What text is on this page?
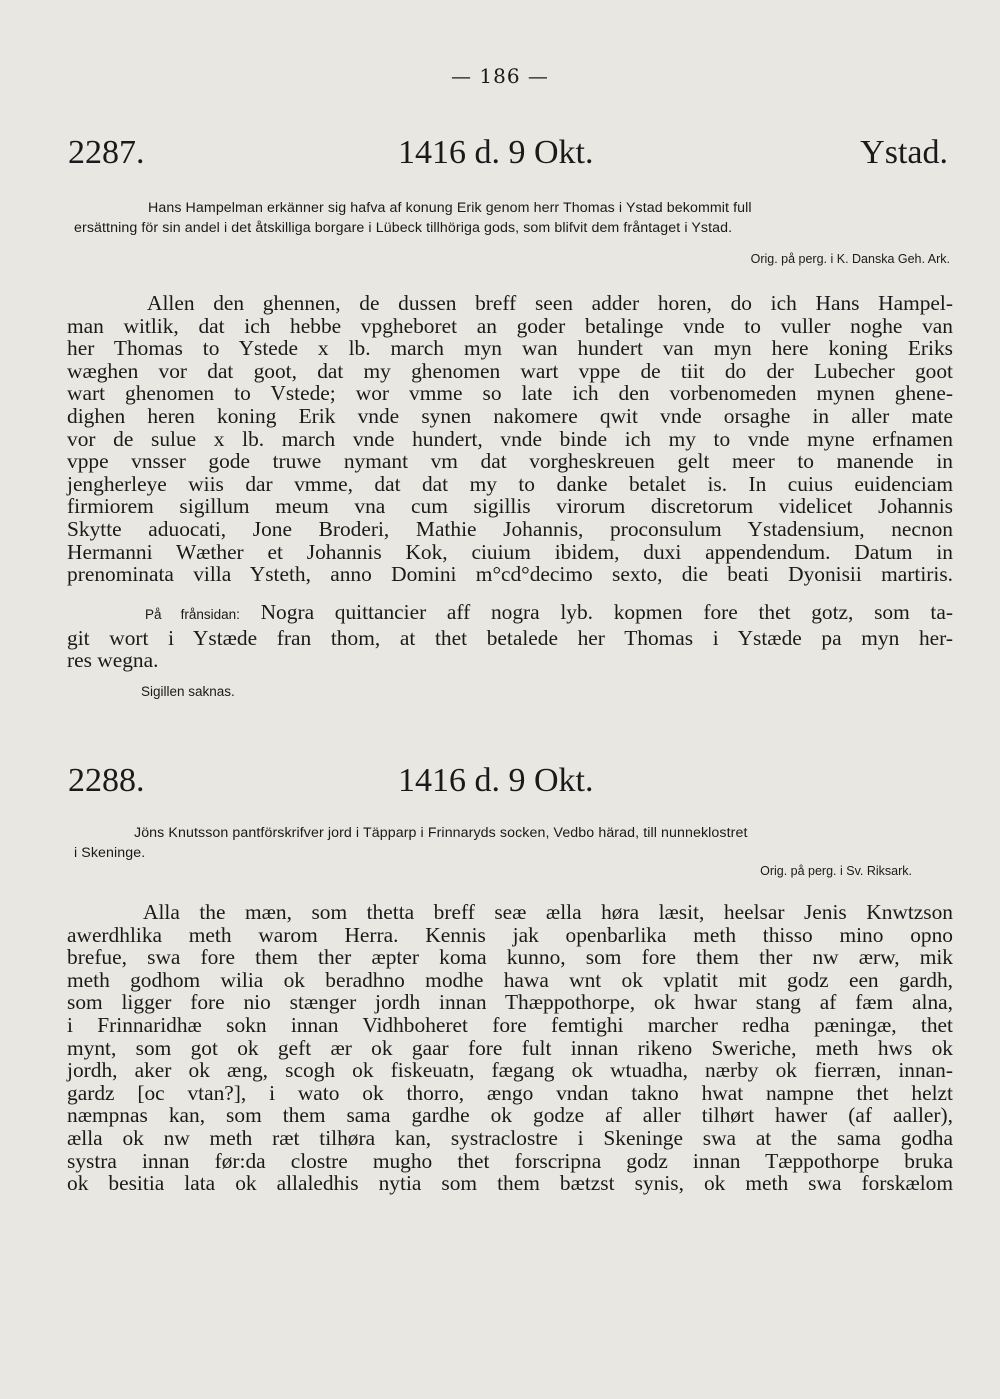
— 186 —
2287.	1416 d. 9 Okt.	Ystad.
Hans Hampelman erkänner sig hafva af konung Erik genom herr Thomas i Ystad bekommit full
ersättning för sin andel i det åtskilliga borgare i Lübeck tillhöriga gods, som blifvit dem fråntaget i Ystad.
Orig. på perg. i K. Danska Geh. Ark.
Allen den ghennen, de dussen breff seen adder horen, do ich Hans Hampel-
man witlik, dat ich hebbe vpgheboret an goder betalinge vnde to vuller noghe van
her Thomas to Ystede x lb. march myn wan hundert van myn here koning Eriks
wæghen vor dat goot, dat my ghenomen wart vppe de tiit do der Lubecher goot
wart ghenomen to Vstede; wor vmme so late ich den vorbenomeden mynen ghene-
dighen heren koning Erik vnde synen nakomere qwit vnde orsaghe in aller mate
vor de sulue x lb. march vnde hundert, vnde binde ich my to vnde myne erfnamen
vppe vnsser gode truwe nymant vm dat vorgheskreuen gelt meer to manende in
jengherleye wiis dar vmme, dat dat my to danke betalet is. In cuius euidenciam
firmiorem sigillum meum vna cum sigillis virorum discretorum videlicet Johannis
Skytte aduocati, Jone Broderi, Mathie Johannis, proconsulum Ystadensium, necnon
Hermanni Wæther et Johannis Kok, ciuium ibidem, duxi appendendum. Datum in
prenominata villa Ysteth, anno Domini m°cd°decimo sexto, die beati Dyonisii martiris.
På frånsidan: Nogra quittancier aff nogra lyb. kopmen fore thet gotz, som ta-
git wort i Ystæde fran thom, at thet betalede her Thomas i Ystæde pa myn her-
res wegna.
Sigillen saknas.
2288.	1416 d. 9 Okt.
Jöns Knutsson pantförskrifver jord i Täpparp i Frinnaryds socken, Vedbo härad, till nunneklostret
i Skeninge.
Orig. på perg. i Sv. Riksark.
Alla the mæn, som thetta breff seæ ælla høra læsit, heelsar Jenis Knwtzson
awerdhlika meth warom Herra. Kennis jak openbarlika meth thisso mino opno
brefue, swa fore them ther æpter koma kunno, som fore them ther nw ærw, mik
meth godhom wilia ok beradhno modhe hawa wnt ok vplatit mit godz een gardh,
som ligger fore nio stænger jordh innan Thæppothorpe, ok hwar stang af fæm alna,
i Frinnaridhæ sokn innan Vidhboheret fore femtighi marcher redha pæningæ, thet
mynt, som got ok geft ær ok gaar fore fult innan rikeno Sweriche, meth hws ok
jordh, aker ok æng, scogh ok fiskeuatn, fægang ok wtuadha, nærby ok fierræn, innan-
gardz [oc vtan?], i wato ok thorro, ængo vndan takno hwat nampne thet helzt
næmpnas kan, som them sama gardhe ok godze af aller tilhørt hawer (af aaller),
ælla ok nw meth ræt tilhøra kan, systraclostre i Skeninge swa at the sama godha
systra innan før:da clostre mugho thet forscripna godz innan Tæppothorpe bruka
ok besitia lata ok allaledhis nytia som them bætzst synis, ok meth swa forskælom
